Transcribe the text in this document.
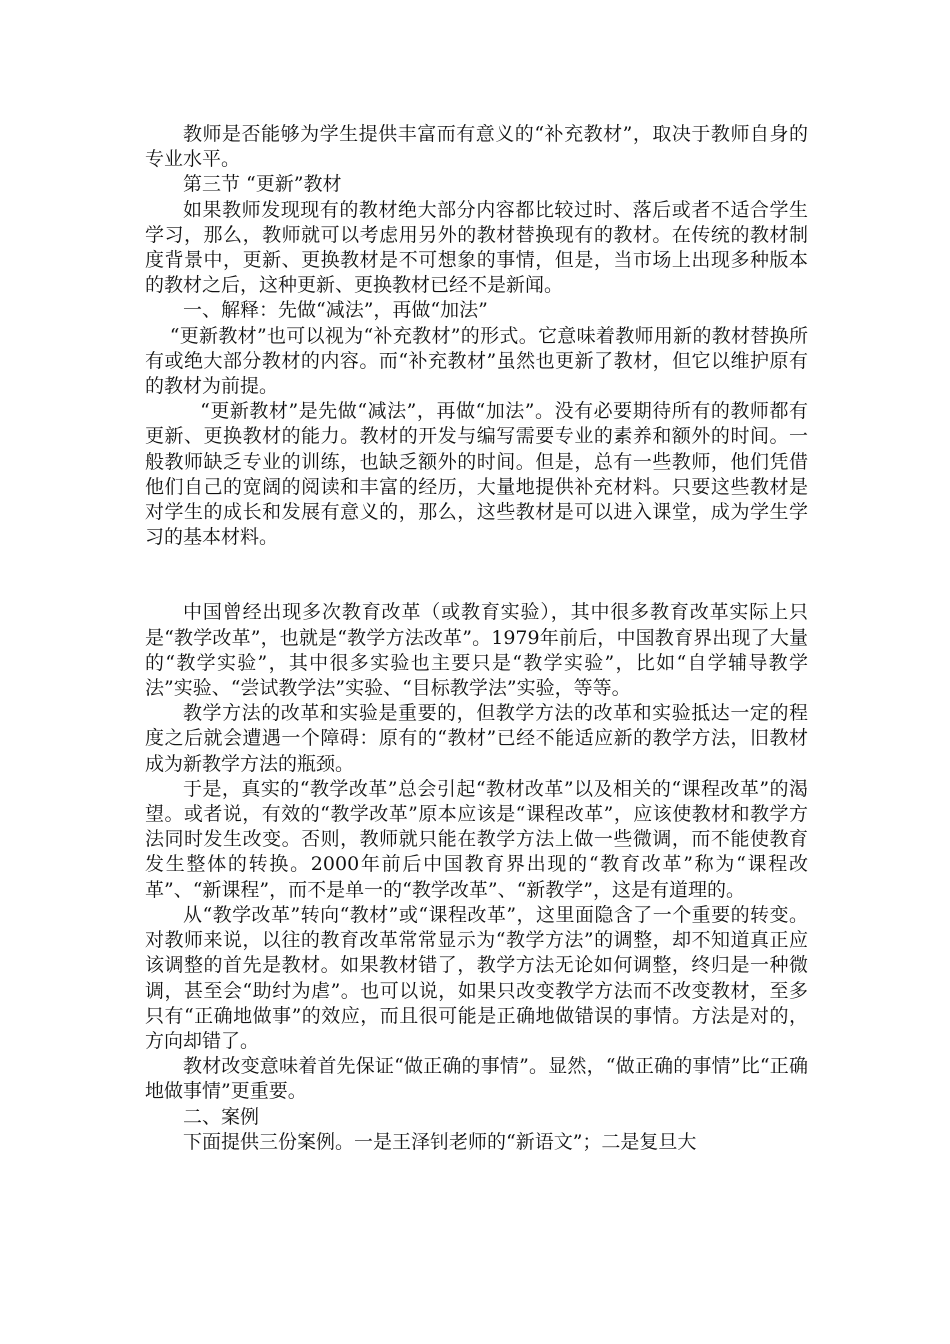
教师是否能够为学生提供丰富而有意义的“补充教材”，取决于教师自身的专业水平。

第三节 “更新”教材

如果教师发现现有的教材绝大部分内容都比较过时、落后或者不适合学生学习，那么，教师就可以考虑用另外的教材替换现有的教材。在传统的教材制度背景中，更新、更换教材是不可想象的事情，但是，当市场上出现多种版本的教材之后，这种更新、更换教材已经不是新闻。

一、解释：先做“减法”，再做“加法”

“更新教材”也可以视为“补充教材”的形式。它意味着教师用新的教材替换所有或绝大部分教材的内容。而“补充教材”虽然也更新了教材，但它以维护原有的教材为前提。

“更新教材”是先做“减法”，再做“加法”。没有必要期待所有的教师都有更新、更换教材的能力。教材的开发与编写需要专业的素养和额外的时间。一般教师缺乏专业的训练，也缺乏额外的时间。但是，总有一些教师，他们凭借他们自己的宽阔的阅读和丰富的经历，大量地提供补充材料。只要这些教材是对学生的成长和发展有意义的，那么，这些教材是可以进入课堂，成为学生学习的基本材料。

中国曾经出现多次教育改革（或教育实验），其中很多教育改革实际上只是“教学改革”，也就是“教学方法改革”。1979年前后，中国教育界出现了大量的“教学实验”，其中很多实验也主要只是“教学实验”，比如“自学辅导教学法”实验、“尝试教学法”实验、“目标教学法”实验，等等。

教学方法的改革和实验是重要的，但教学方法的改革和实验抵达一定的程度之后就会遭遇一个障碍：原有的“教材”已经不能适应新的教学方法，旧教材成为新教学方法的瓶颈。

于是，真实的“教学改革”总会引起“教材改革”以及相关的“课程改革”的渴望。或者说，有效的“教学改革”原本应该是“课程改革”，应该使教材和教学方法同时发生改变。否则，教师就只能在教学方法上做一些微调，而不能使教育发生整体的转换。2000年前后中国教育界出现的“教育改革”称为“课程改革”、“新课程”，而不是单一的“教学改革”、“新教学”，这是有道理的。

从“教学改革”转向“教材”或“课程改革”，这里面隐含了一个重要的转变。对教师来说，以往的教育改革常常显示为“教学方法”的调整，却不知道真正应该调整的首先是教材。如果教材错了，教学方法无论如何调整，终归是一种微调，甚至会“助纣为虐”。也可以说，如果只改变教学方法而不改变教材，至多只有“正确地做事”的效应，而且很可能是正确地做错误的事情。方法是对的，方向却错了。

教材改变意味着首先保证“做正确的事情”。显然，“做正确的事情”比“正确地做事情”更重要。

二、案例

下面提供三份案例。一是王泽钊老师的“新语文”；二是复旦大
